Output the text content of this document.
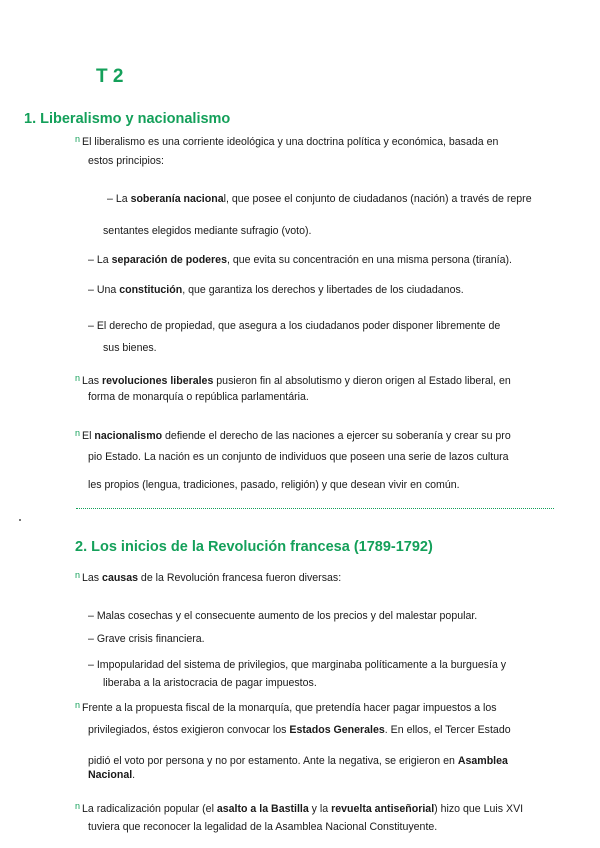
T 2
1. Liberalismo y nacionalismo
$^n$ El liberalismo es una corriente ideológica y una doctrina política y económica, basada en
estos principios:
– La soberanía nacional, que posee el conjunto de ciudadanos (nación) a través de repre
sentantes elegidos mediante sufragio (voto).
– La separación de poderes, que evita su concentración en una misma persona (tiranía).
– Una constitución, que garantiza los derechos y libertades de los ciudadanos.
– El derecho de propiedad, que asegura a los ciudadanos poder disponer libremente de
sus bienes.
$^n$ Las revoluciones liberales pusieron fin al absolutismo y dieron origen al Estado liberal, en
forma de monarquía o república parlamentária.
$^n$ El nacionalismo defiende el derecho de las naciones a ejercer su soberanía y crear su pro
pio Estado. La nación es un conjunto de individuos que poseen una serie de lazos cultura
les propios (lengua, tradiciones, pasado, religión) y que desean vivir en común.
2. Los inicios de la Revolución francesa (1789-1792)
$^n$ Las causas de la Revolución francesa fueron diversas:
– Malas cosechas y el consecuente aumento de los precios y del malestar popular.
– Grave crisis financiera.
– Impopularidad del sistema de privilegios, que marginaba políticamente a la burguesía y
liberaba a la aristocracia de pagar impuestos.
$^n$ Frente a la propuesta fiscal de la monarquía, que pretendía hacer pagar impuestos a los
privilegiados, éstos exigieron convocar los Estados Generales. En ellos, el Tercer Estado
pidió el voto por persona y no por estamento. Ante la negativa, se erigieron en Asamblea
Nacional.
$^n$ La radicalización popular (el asalto a la Bastilla y la revuelta antiseñorial) hizo que Luis XVI
tuviera que reconocer la legalidad de la Asamblea Nacional Constituyente.
